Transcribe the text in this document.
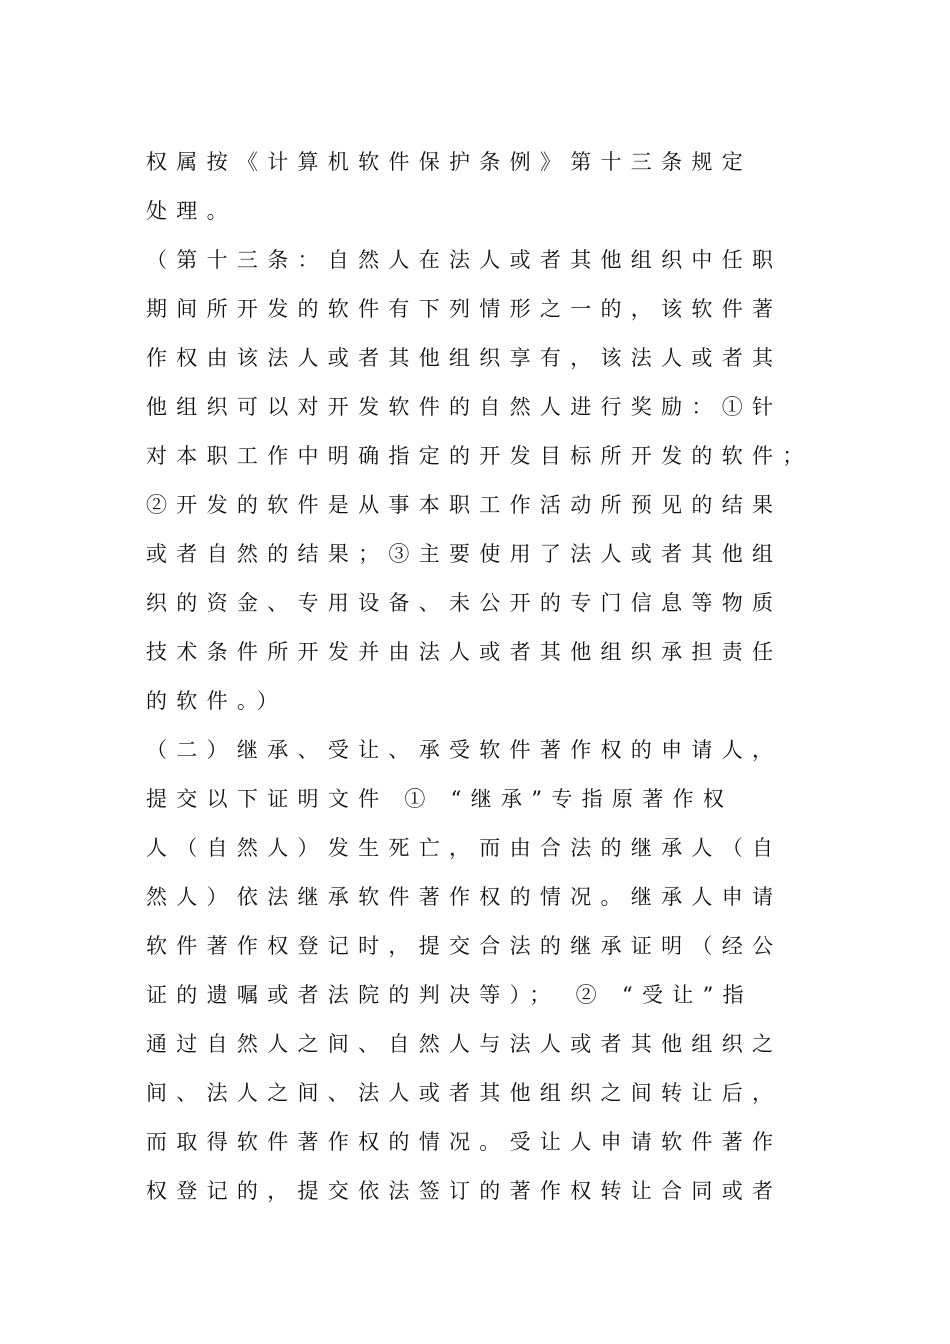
权属按《计算机软件保护条例》第十三条规定
处理。
（第十三条：自然人在法人或者其他组织中任职
期间所开发的软件有下列情形之一的，该软件著
作权由该法人或者其他组织享有，该法人或者其
他组织可以对开发软件的自然人进行奖励：①针
对本职工作中明确指定的开发目标所开发的软件；
②开发的软件是从事本职工作活动所预见的结果
或者自然的结果；③主要使用了法人或者其他组
织的资金、专用设备、未公开的专门信息等物质
技术条件所开发并由法人或者其他组织承担责任
的软件。）
（二）继承、受让、承受软件著作权的申请人，
提交以下证明文件 ① “继承”专指原著作权
人（自然人）发生死亡，而由合法的继承人（自
然人）依法继承软件著作权的情况。继承人申请
软件著作权登记时，提交合法的继承证明（经公
证的遗嘱或者法院的判决等）； ② “受让”指
通过自然人之间、自然人与法人或者其他组织之
间、法人之间、法人或者其他组织之间转让后，
而取得软件著作权的情况。受让人申请软件著作
权登记的，提交依法签订的著作权转让合同或者
